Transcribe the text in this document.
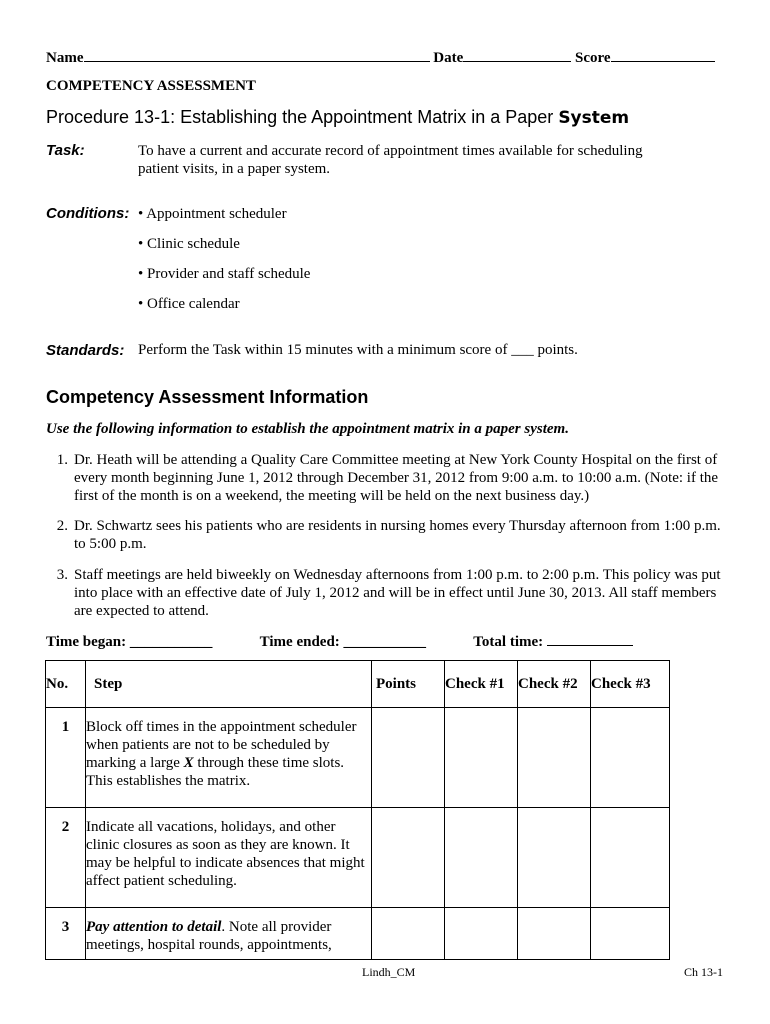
Name	Date	Score
COMPETENCY ASSESSMENT
Procedure 13-1: Establishing the Appointment Matrix in a Paper System
Task:	To have a current and accurate record of appointment times available for scheduling patient visits, in a paper system.
Conditions: • Appointment scheduler
• Clinic schedule
• Provider and staff schedule
• Office calendar
Standards: Perform the Task within 15 minutes with a minimum score of ___ points.
Competency Assessment Information
Use the following information to establish the appointment matrix in a paper system.
1. Dr. Heath will be attending a Quality Care Committee meeting at New York County Hospital on the first of every month beginning June 1, 2012 through December 31, 2012 from 9:00 a.m. to 10:00 a.m. (Note: if the first of the month is on a weekend, the meeting will be held on the next business day.)
2. Dr. Schwartz sees his patients who are residents in nursing homes every Thursday afternoon from 1:00 p.m. to 5:00 p.m.
3. Staff meetings are held biweekly on Wednesday afternoons from 1:00 p.m. to 2:00 p.m. This policy was put into place with an effective date of July 1, 2012 and will be in effect until June 30, 2013. All staff members are expected to attend.
Time began: ___________	Time ended: ___________	Total time:
No.	Step	Points	Check #1	Check #2	Check #3
1	Block off times in the appointment scheduler when patients are not to be scheduled by marking a large X through these time slots. This establishes the matrix.				
2	Indicate all vacations, holidays, and other clinic closures as soon as they are known. It may be helpful to indicate absences that might affect patient scheduling.				
3	Pay attention to detail. Note all provider meetings, hospital rounds, appointments,				
Lindh_CM	Ch 13-1
